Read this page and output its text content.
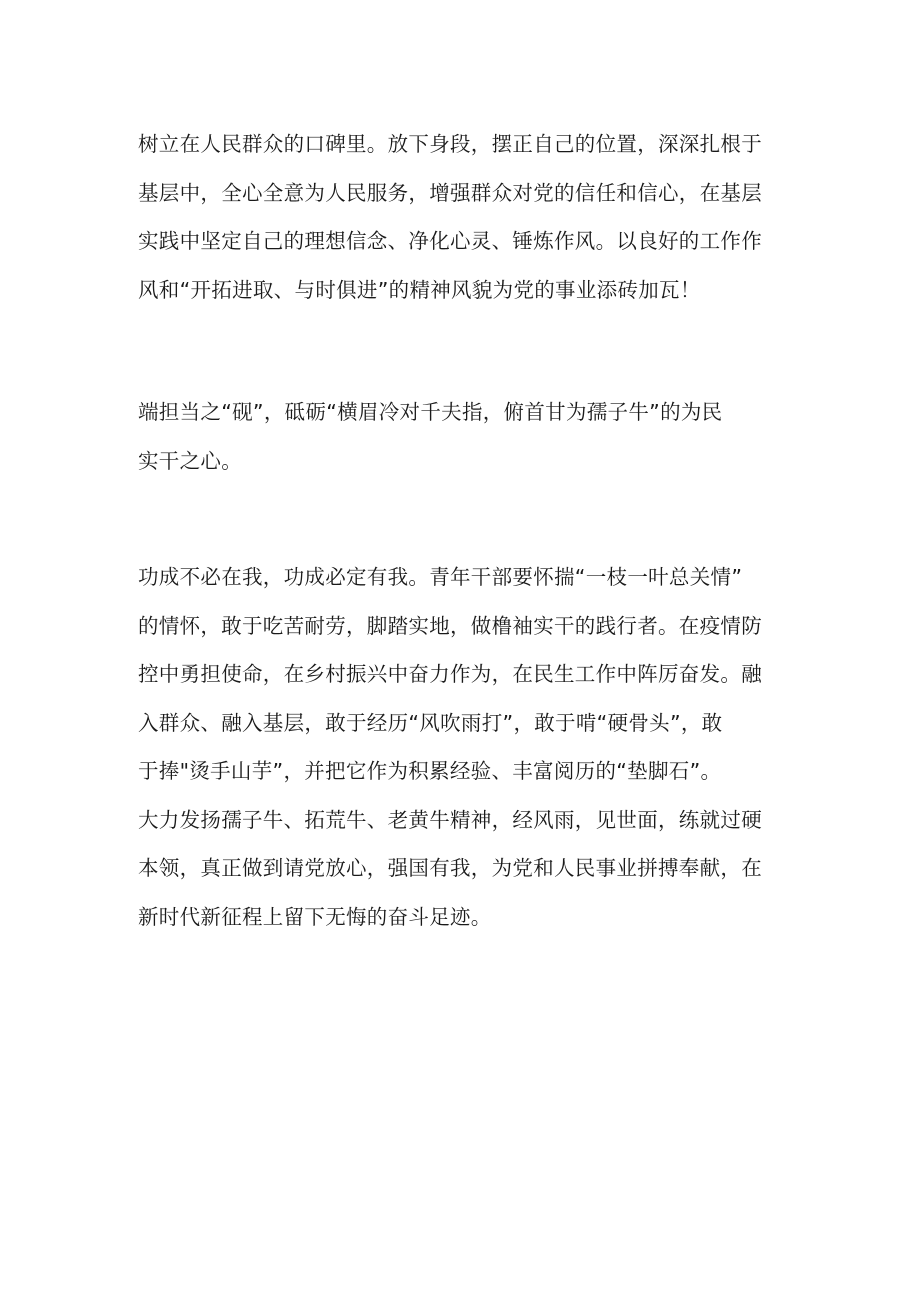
树立在人民群众的口碑里。放下身段，摆正自己的位置，深深扎根于
基层中，全心全意为人民服务，增强群众对党的信任和信心，在基层
实践中坚定自己的理想信念、净化心灵、锤炼作风。以良好的工作作
风和“开拓进取、与时俱进”的精神风貌为党的事业添砖加瓦！

端担当之“砚”，砥砺“横眉冷对千夫指，俯首甘为孺子牛”的为民
实干之心。

功成不必在我，功成必定有我。青年干部要怀揣“一枝一叶总关情”
的情怀，敢于吃苦耐劳，脚踏实地，做橹袖实干的践行者。在疫情防
控中勇担使命，在乡村振兴中奋力作为，在民生工作中阵厉奋发。融
入群众、融入基层，敢于经历“风吹雨打”，敢于啃“硬骨头”，敢
于捧"烫手山芋”，并把它作为积累经验、丰富阅历的“垫脚石”。
大力发扬孺子牛、拓荒牛、老黄牛精神，经风雨，见世面，练就过硬
本领，真正做到请党放心，强国有我，为党和人民事业拼搏奉献，在
新时代新征程上留下无悔的奋斗足迹。
